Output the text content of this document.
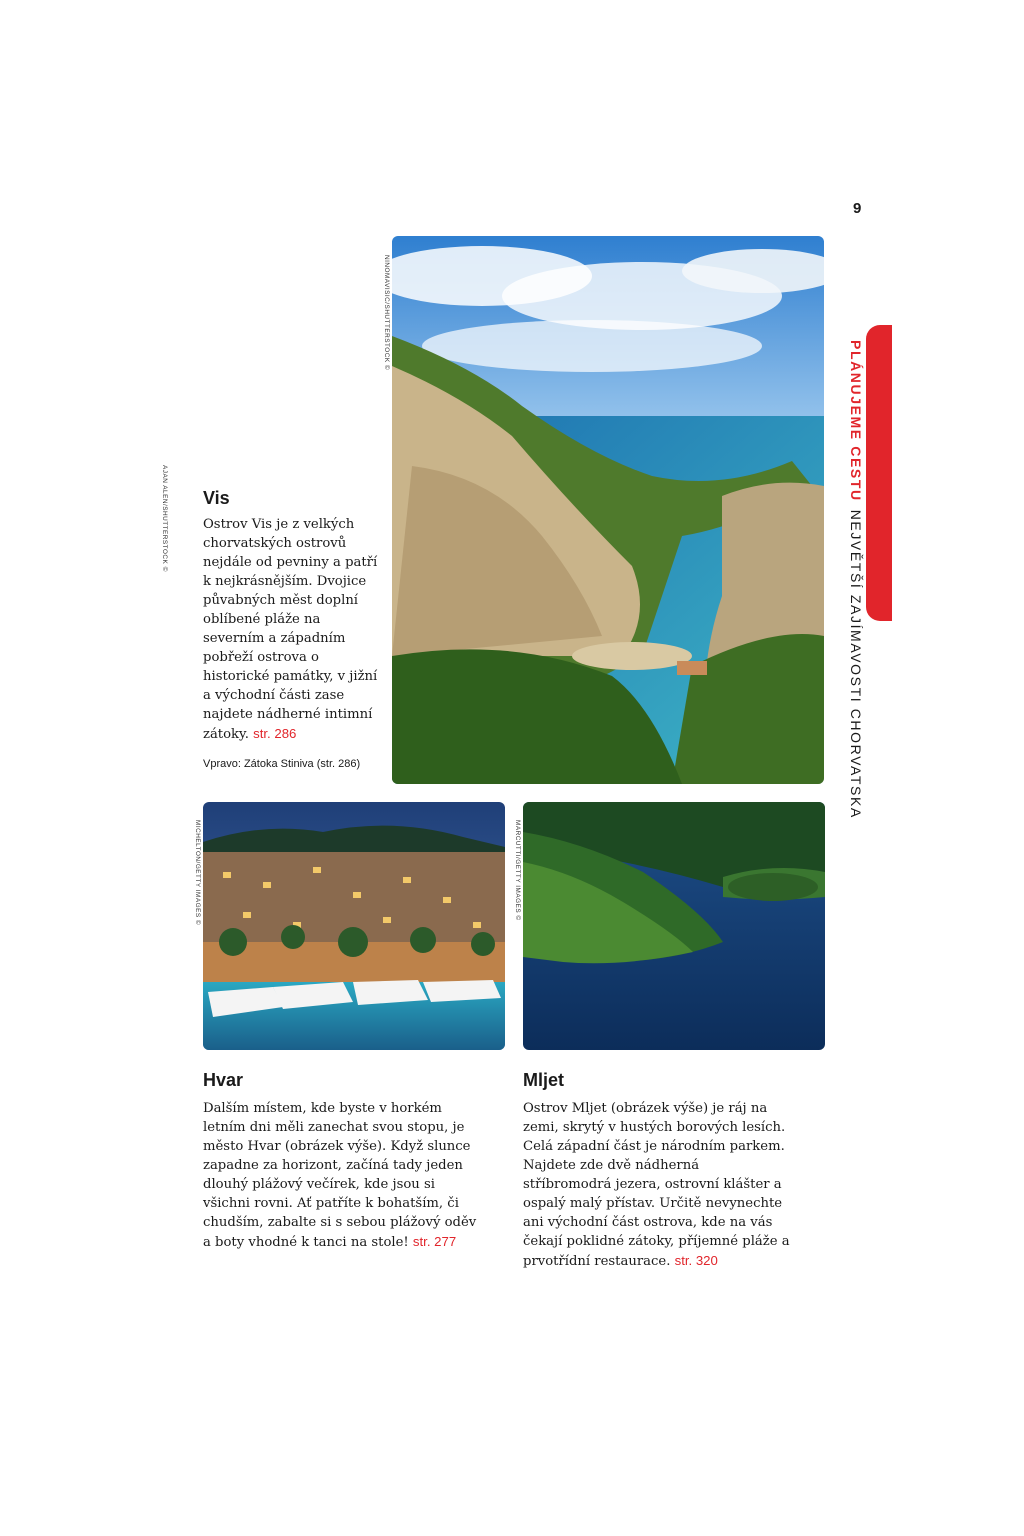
9
PLÁNUJEME CESTUNEJVĚTŠÍ ZAJÍMAVOSTI CHORVATSKA
NINOMAVISIC/SHUTTERSTOCK ©
AJAN ALEN/SHUTTERSTOCK © Vis
Ostrov Vis je z velkých chorvatských ostrovů nejdále od pevniny a patří k nejkrásnějším. Dvojice půvabných měst doplní oblíbené pláže na severním a západním pobřeží ostrova o historické památky, v jižní a východní části zase najdete nádherné intimní zátoky. str. 286
Vpravo: Zátoka Stiniva (str. 286)
MICHELTON/GETTY IMAGES ©	MARCUTTI/GETTY IMAGES ©
Hvar
Dalším místem, kde byste v horkém letním dni měli zanechat svou stopu, je město Hvar (obrázek výše). Když slunce zapadne za horizont, začíná tady jeden dlouhý plážový večírek, kde jsou si všichni rovni. Ať patříte k bohatším, či chudším, zabalte si s sebou plážový oděv a boty vhodné k tanci na stole! str. 277
Mljet
Ostrov Mljet (obrázek výše) je ráj na zemi, skrytý v hustých borových lesích. Celá západní část je národním parkem. Najdete zde dvě nádherná stříbromodrá jezera, ostrovní klášter a ospalý malý přístav. Určitě nevynechte ani východní část ostrova, kde na vás čekají poklidné zátoky, příjemné pláže a prvotřídní restaurace. str. 320
